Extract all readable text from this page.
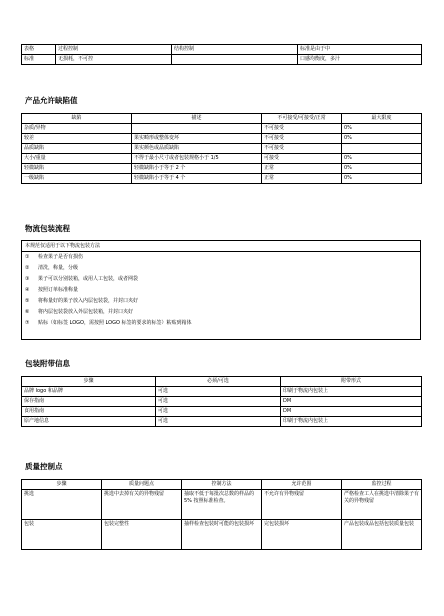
表格	过程控制	结构控制	标准是由于中
标准	无损耗，不可控		口感均衡度，多汁
产品允许缺陷值
缺陷	描述	不可接受/可接受/正常	最大限度
杂质/异物		不可接受	0%
较差	果实畸形或整体变坏	不可接受	0%
品质缺陷	果实颜色或品质缺陷	不可接受	
大小/重量	不得于最小尺寸或者包装规格小于 1/5	可接受	0%
轻微缺陷	轻微缺陷小于等于 2 个	正常	0%
一级缺陷	轻微缺陷小于等于 4 个	正常	0%
物流包装流程
本规范仅适用于以下物流包装方法
①	检查果子是否有损伤
②	清洗，称量，分级
③	果子可以分别装箱，或用人工包装，或者网袋
④	按照订单标准称量
⑤	将称量好的果子放入内层包装袋，并封口夹好
⑥	将内层包装袋放入外层包装箱，并封口夹好
⑦	贴标（如标签 LOGO，需按照 LOGO 标签的要求的标签）粘贴到箱体
包装附带信息
步骤	必须/可选	附带形式
品牌 logo 和品牌	可选	印刷于物流内包装上
保存指南	可选	DM
食用指南	可选	DM
原产地信息	可选	印刷于物流内包装上
质量控制点
步骤	质量问题点	控制方法	允许范围	监控过程
挑选	挑选中去掉有关的异物残留	抽取不低于每批次总数的样品的 5% 按照标准检查。	不允许有异物残留	严格检查工人在挑选中清除果子有关的异物残留
包装	包装完整性	抽样检查包装时可能的包装损坏	完包装损坏	产品包装成品包括包装质量包装
